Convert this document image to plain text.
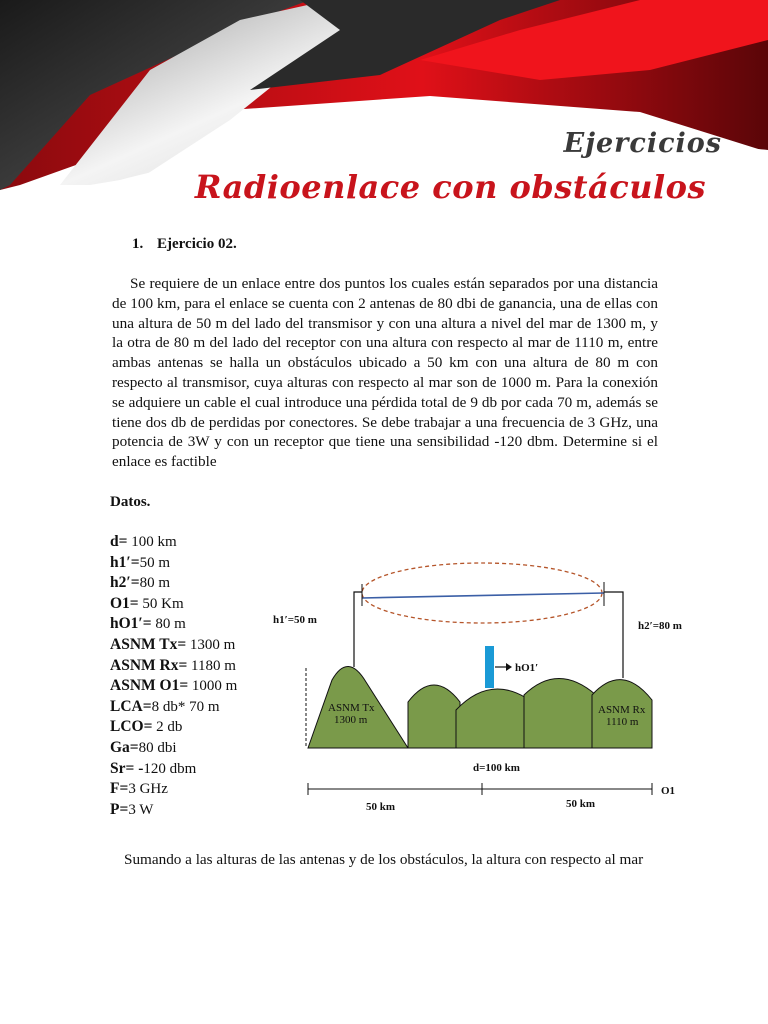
Ejercicios
Radioenlace con obstáculos
1. Ejercicio 02.
Se requiere de un enlace entre dos puntos los cuales están separados por una distancia de 100 km, para el enlace se cuenta con 2 antenas de 80 dbi de ganancia, una de ellas con una altura de 50 m del lado del transmisor y con una altura a nivel del mar de 1300 m, y la otra de 80 m del lado del receptor con una altura con respecto al mar de 1110 m, entre ambas antenas se halla un obstáculos ubicado a 50 km con una altura de 80 m con respecto al transmisor, cuya alturas con respecto al mar son de 1000 m. Para la conexión se adquiere un cable el cual introduce una pérdida total de 9 db por cada 70 m, además se tiene dos db de perdidas por conectores. Se debe trabajar a una frecuencia de 3 GHz, una potencia de 3W y con un receptor que tiene una sensibilidad -120 dbm. Determine si el enlace es factible
Datos.
d= 100 km
h1′=50 m
h2′=80 m
O1= 50 Km
hO1′= 80 m
ASNM Tx= 1300 m
ASNM Rx= 1180 m
ASNM O1= 1000 m
LCA=8 db* 70 m
LCO= 2 db
Ga=80 dbi
Sr= -120 dbm
F=3 GHz
P=3 W
h1′=50 m	h2′=80 m
hO1′
d=100 km
O1
50 km	50 km
ASNM Tx
1300 m
ASNM Rx
1110 m
Sumando a las alturas de las antenas y de los obstáculos, la altura con respecto al mar
